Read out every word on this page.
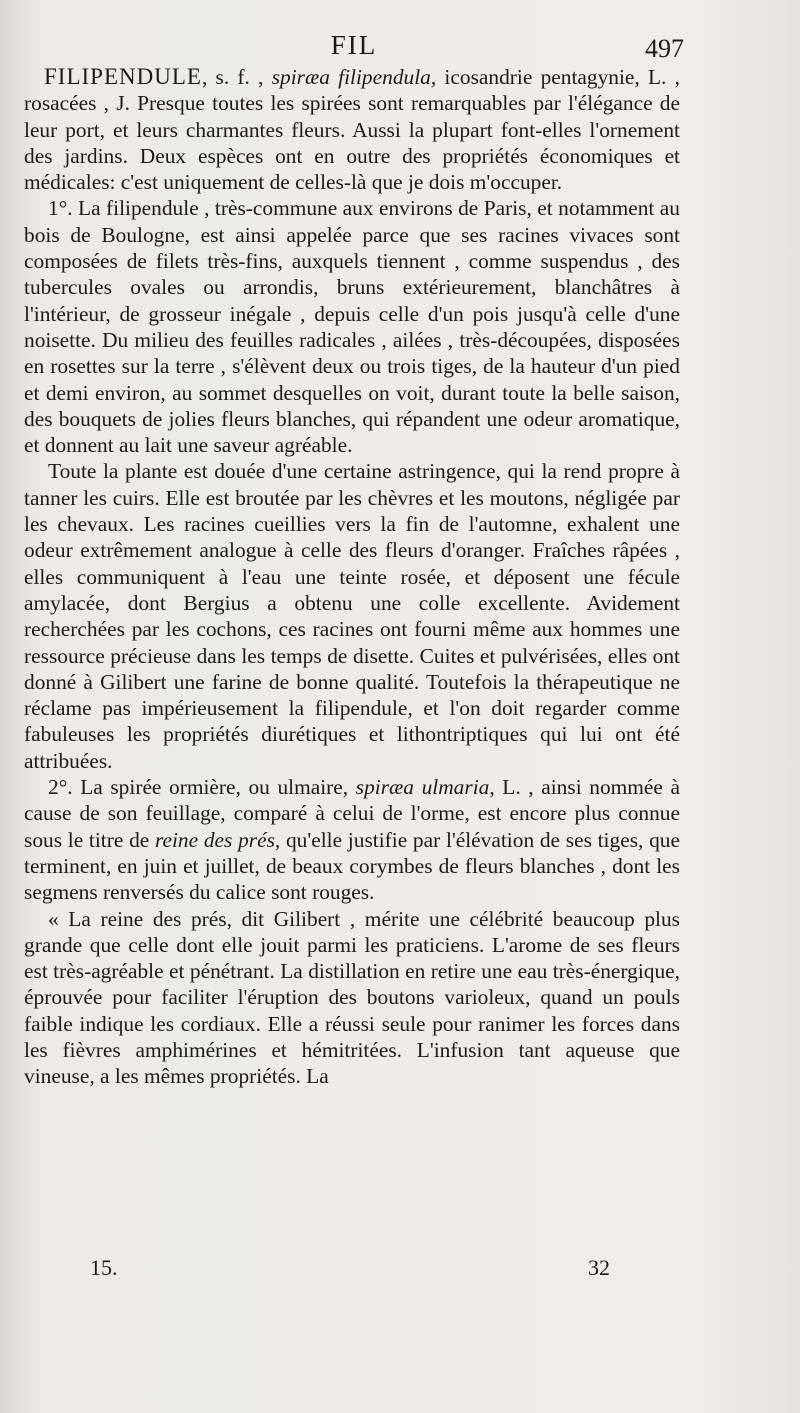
FIL	497

FILIPENDULE, s. f. , spiræa filipendula, icosandrie pentagynie, L. , rosacées , J. Presque toutes les spirées sont remarquables par l'élégance de leur port, et leurs charmantes fleurs. Aussi la plupart font-elles l'ornement des jardins. Deux espèces ont en outre des propriétés économiques et médicales: c'est uniquement de celles-là que je dois m'occuper.

1°. La filipendule , très-commune aux environs de Paris, et notamment au bois de Boulogne, est ainsi appelée parce que ses racines vivaces sont composées de filets très-fins, auxquels tiennent , comme suspendus , des tubercules ovales ou arrondis, bruns extérieurement, blanchâtres à l'intérieur, de grosseur inégale , depuis celle d'un pois jusqu'à celle d'une noisette. Du milieu des feuilles radicales , ailées , très-découpées, disposées en rosettes sur la terre , s'élèvent deux ou trois tiges, de la hauteur d'un pied et demi environ, au sommet desquelles on voit, durant toute la belle saison, des bouquets de jolies fleurs blanches, qui répandent une odeur aromatique, et donnent au lait une saveur agréable.

Toute la plante est douée d'une certaine astringence, qui la rend propre à tanner les cuirs. Elle est broutée par les chèvres et les moutons, négligée par les chevaux. Les racines cueillies vers la fin de l'automne, exhalent une odeur extrêmement analogue à celle des fleurs d'oranger. Fraîches râpées , elles communiquent à l'eau une teinte rosée, et déposent une fécule amylacée, dont Bergius a obtenu une colle excellente. Avidement recherchées par les cochons, ces racines ont fourni même aux hommes une ressource précieuse dans les temps de disette. Cuites et pulvérisées, elles ont donné à Gilibert une farine de bonne qualité. Toutefois la thérapeutique ne réclame pas impérieusement la filipendule, et l'on doit regarder comme fabuleuses les propriétés diurétiques et lithontriptiques qui lui ont été attribuées.

2°. La spirée ormière, ou ulmaire, spiræa ulmaria, L. , ainsi nommée à cause de son feuillage, comparé à celui de l'orme, est encore plus connue sous le titre de reine des prés, qu'elle justifie par l'élévation de ses tiges, que terminent, en juin et juillet, de beaux corymbes de fleurs blanches , dont les segmens renversés du calice sont rouges.

« La reine des prés, dit Gilibert , mérite une célébrité beaucoup plus grande que celle dont elle jouit parmi les praticiens. L'arome de ses fleurs est très-agréable et pénétrant. La distillation en retire une eau très-énergique, éprouvée pour faciliter l'éruption des boutons varioleux, quand un pouls faible indique les cordiaux. Elle a réussi seule pour ranimer les forces dans les fièvres amphimérines et hémitritées. L'infusion tant aqueuse que vineuse, a les mêmes propriétés. La

15.	32
